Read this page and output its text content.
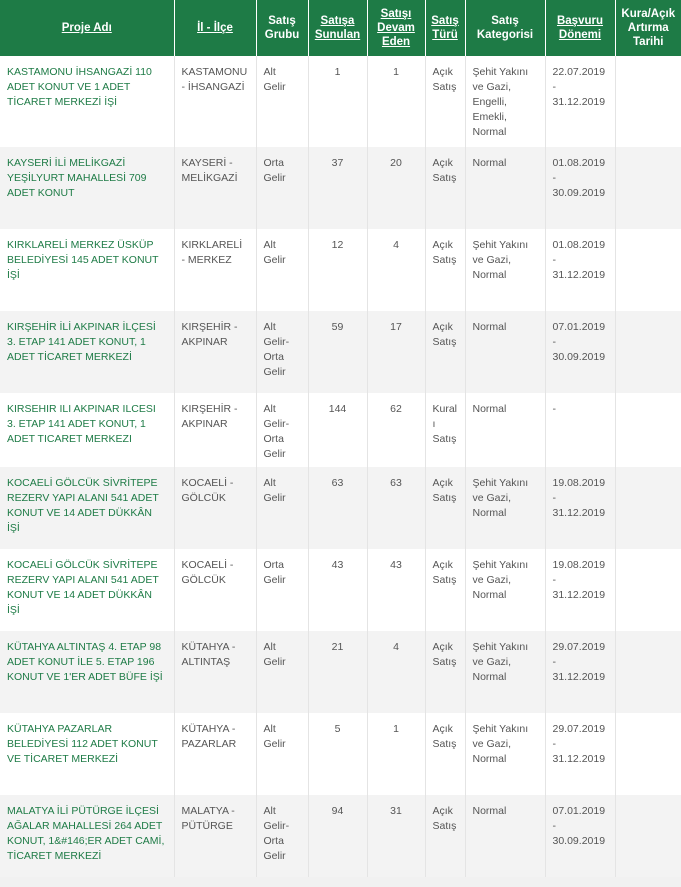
Proje Adı	İl - İlçe	Satış Grubu	Satışa Sunulan	Satışı Devam Eden	Satış Türü	Satış Kategorisi	Başvuru Dönemi	Kura/Açık Artırma Tarihi
KASTAMONU İHSANGAZİ 110 ADET KONUT VE 1 ADET TİCARET MERKEZİ İŞİ	KASTAMONU - İHSANGAZİ	Alt Gelir	1	1	Açık Satış	Şehit Yakını ve Gazi, Engelli, Emekli, Normal	22.07.2019 - 31.12.2019	
KAYSERİ İLİ MELİKGAZİ YEŞİLYURT MAHALLESİ 709 ADET KONUT	KAYSERİ - MELİKGAZİ	Orta Gelir	37	20	Açık Satış	Normal	01.08.2019 - 30.09.2019	
KIRKLARELİ MERKEZ ÜSKÜP BELEDİYESİ 145 ADET KONUT İŞİ	KIRKLARELİ - MERKEZ	Alt Gelir	12	4	Açık Satış	Şehit Yakını ve Gazi, Normal	01.08.2019 - 31.12.2019	
KIRŞEHİR İLİ AKPINAR İLÇESİ 3. ETAP 141 ADET KONUT, 1 ADET TİCARET MERKEZİ	KIRŞEHİR - AKPINAR	Alt Gelir-Orta Gelir	59	17	Açık Satış	Normal	07.01.2019 - 30.09.2019	
KIRSEHIR ILI AKPINAR ILCESI 3. ETAP 141 ADET KONUT, 1 ADET TICARET MERKEZI	KIRŞEHİR - AKPINAR	Alt Gelir-Orta Gelir	144	62	Kuralı Satış	Normal	-	
KOCAELİ GÖLCÜK SİVRİTEPE REZERV YAPI ALANI 541 ADET KONUT VE 14 ADET DÜKKÂN İŞİ	KOCAELİ - GÖLCÜK	Alt Gelir	63	63	Açık Satış	Şehit Yakını ve Gazi, Normal	19.08.2019 - 31.12.2019	
KOCAELİ GÖLCÜK SİVRİTEPE REZERV YAPI ALANI 541 ADET KONUT VE 14 ADET DÜKKÂN İŞİ	KOCAELİ - GÖLCÜK	Orta Gelir	43	43	Açık Satış	Şehit Yakını ve Gazi, Normal	19.08.2019 - 31.12.2019	
KÜTAHYA ALTINTAŞ 4. ETAP 98 ADET KONUT İLE 5. ETAP 196 KONUT VE 1'ER ADET BÜFE İŞİ	KÜTAHYA - ALTINTAŞ	Alt Gelir	21	4	Açık Satış	Şehit Yakını ve Gazi, Normal	29.07.2019 - 31.12.2019	
KÜTAHYA PAZARLAR BELEDİYESİ 112 ADET KONUT VE TİCARET MERKEZİ	KÜTAHYA - PAZARLAR	Alt Gelir	5	1	Açık Satış	Şehit Yakını ve Gazi, Normal	29.07.2019 - 31.12.2019	
MALATYA İLİ PÜTÜRGE İLÇESİ AĞALAR MAHALLESİ 264 ADET KONUT, 1&#146;ER ADET CAMİ, TİCARET MERKEZİ	MALATYA - PÜTÜRGE	Alt Gelir-Orta Gelir	94	31	Açık Satış	Normal	07.01.2019 - 30.09.2019	
